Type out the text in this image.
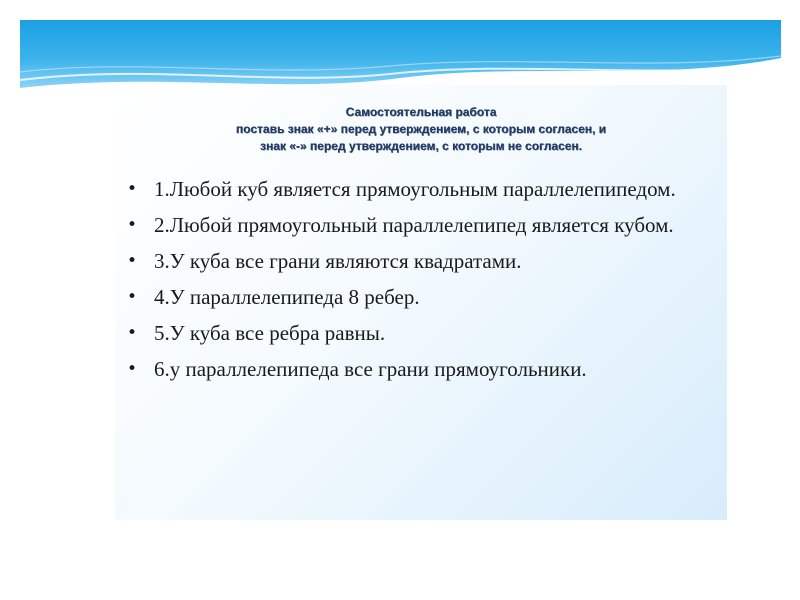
Самостоятельная работа
поставь знак «+» перед утверждением, с которым согласен, и
знак «-» перед утверждением, с которым не согласен.
• 1.Любой куб является прямоугольным параллелепипедом.
• 2.Любой прямоугольный параллелепипед является кубом.
• 3.У куба все грани являются квадратами.
• 4.У параллелепипеда 8 ребер.
• 5.У куба все ребра равны.
• 6.у параллелепипеда все грани прямоугольники.
